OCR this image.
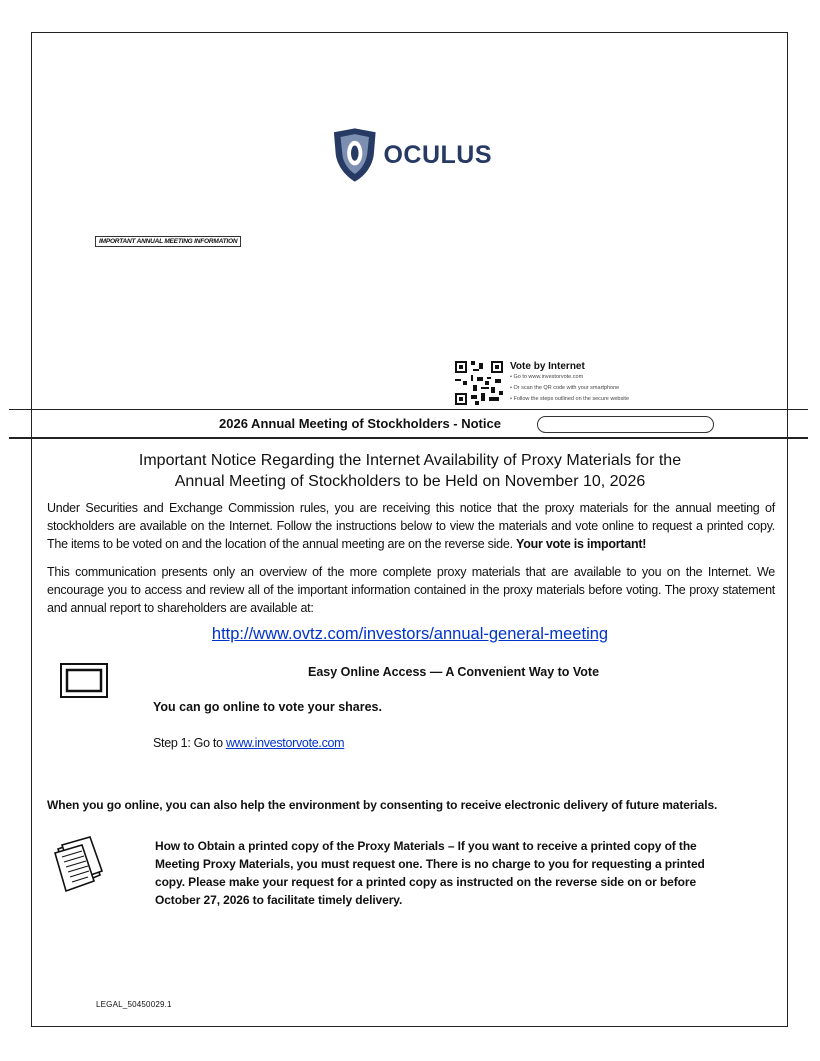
OCULUS
IMPORTANT ANNUAL MEETING INFORMATION
Vote by Internet
• Go to www.investorvote.com
• Or scan the QR code with your smartphone
• Follow the steps outlined on the secure website
2026 Annual Meeting of Stockholders - Notice
Important Notice Regarding the Internet Availability of Proxy Materials for the
Annual Meeting of Stockholders to be Held on November 10, 2026
Under Securities and Exchange Commission rules, you are receiving this notice that the proxy materials for the annual meeting of stockholders are available on the Internet. Follow the instructions below to view the materials and vote online to request a printed copy. The items to be voted on and the location of the annual meeting are on the reverse side. Your vote is important!
This communication presents only an overview of the more complete proxy materials that are available to you on the Internet. We encourage you to access and review all of the important information contained in the proxy materials before voting. The proxy statement and annual report to shareholders are available at:
http://www.ovtz.com/investors/annual-general-meeting
Easy Online Access — A Convenient Way to Vote
You can go online to vote your shares.
Step 1: Go to www.investorvote.com
When you go online, you can also help the environment by consenting to receive electronic delivery of future materials.
How to Obtain a printed copy of the Proxy Materials – If you want to receive a printed copy of the Meeting Proxy Materials, you must request one. There is no charge to you for requesting a printed copy. Please make your request for a printed copy as instructed on the reverse side on or before October 27, 2026 to facilitate timely delivery.
LEGAL_50450029.1
